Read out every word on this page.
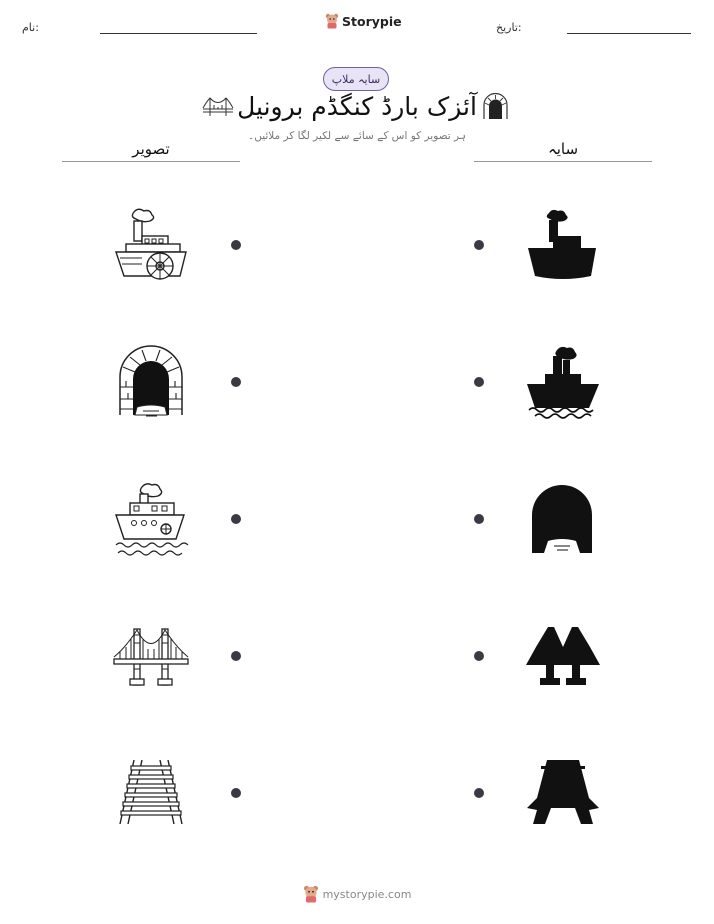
نام:	Storypie	تاریخ:
سایہ ملاپ
آئزک بارڈ کنگڈم برونیل
ہر تصویر کو اس کے سائے سے لکیر لگا کر ملائیں۔
تصویر	سایہ
mystorypie.com
